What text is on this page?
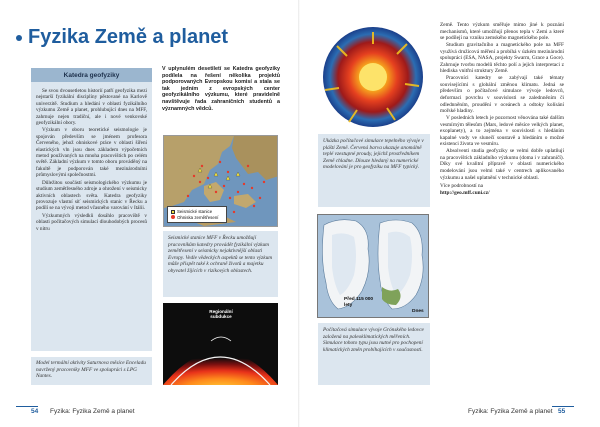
Fyzika Země a planet
Katedra geofyziky

Se svou dvousetletou historií patří geofyzika mezi nejstarší fyzikální disciplíny pěstované na Karlově univerzitě. Studium a hledání v oblasti fyzikálního výzkumu Země a planet, prohlubující dnes na MFF, zahrnuje nejen tradiční, ale i nové venkovské geofyzikální obory.

Výzkum v oboru teoretické seismologie je spojován především se jménem profesora Červeného, jehož ohniskové práce v oblasti šíření elastických vln jsou dnes základem výpočetních metod používaných na mnoha pracovištích po celém světě. Základní výzkum v tomto oboru prováděný na fakultě je podporován také mezinárodními průmyslovými společnostmi.

Důležitou součástí seismologického výzkumu je studium zemětřesného zdroje a ohrožení v seismicky aktivních oblastech světa. Katedra geofyziky provozuje vlastní síť seismických stanic v Řecku a podílí se na vývoji metod včasného varování v Itálii.

Výzkumných výsledků dosáhlo pracoviště v oblasti počítačových simulací dlouhodobých procesů v nitru

Model termální aktivity Saturnova měsíce Enceladu navržený pracovníky MFF ve spolupráci s LPG Nantes.
V uplynulém desetiletí se Katedra geofyziky podílela na řešení několika projektů podporovaných Evropskou komisí a stala se tak jedním z evropských center geofyzikálního výzkumu, které pravidelně navštěvuje řada zahraničních studentů a významných vědců.
Seismické stanice
Ohniska zemětřesení
Seismické stanice MFF v Řecku umožňují pracovníkům katedry provádět fyzikální výzkum zemětřesení v seismicky nejaktivnější oblasti Evropy. Vedle vědeckých aspektů se tento výzkum může přispět také k ochraně životů a majetku obyvatel žijících v rizikových oblastech.
Regionální subdukce
54 Fyzika: Fyzika Země a planet
Ukázka počítačové simulace tepelného vývoje v plášti Země. Červená barva ukazuje anomálně teplé vzestupné proudy, jejichž prostředníkem Země chladne. Dlouze hledaný na numerické modelování je pro geofyziku na MFF typický.
Před 115 000 lety
Dnes
Počítačová simulace vývoje Grónského ledovce založená na paleoklimatických měřeních. Simulace tohoto typu jsou nutné pro pochopení klimatických změn probíhajících v současnosti.

Země. Tento výzkum směřuje mimo jiné k poznání mechanismů, které umožňují přenos tepla v Zemi a které se podílejí na vzniku zemského magnetického pole.

Studium gravitačního a magnetického pole na MFF využívá družicová měření a probíhá v úzkém mezinárodní spolupráci (ESA, NASA, projekty Swarm, Grace a Goce). Zahrnuje tvorbu modelů těchto polí a jejich interpretaci z hlediska vnitřní struktury Země.

Pracovníci katedry se zabývají také tématy souvisejícími s globální změnou klimatu. Jedná se především o počítačové simulace vývoje ledovců, deformaci povrchu v souvislosti se zalednněním či odlednněním, proudění v oceánech a odtoky kolísání mořské hladiny.

V posledních letech je pozornost věnována také dalším vesmírným tělesům (Mars, ledové měsíce velkých planet, exoplanety), a to zejména v souvislosti s hledáním kapalné vody ve slunečí soustavě a hledáním o možné existenci života ve vesmíru.

Absolventi studia geofyziky se velmi dobře uplatňují na pracovištích základního výzkumu (doma i v zahraničí). Díky své kvalitní přípravě v oblasti numerického modelování jsou velmi také v centrech aplikovaného výzkumu a našel uplatnění v technické oblasti.

Více podrobností na

http://geo.mff.cuni.cz/

Fyzika: Fyzika Země a planet 55
